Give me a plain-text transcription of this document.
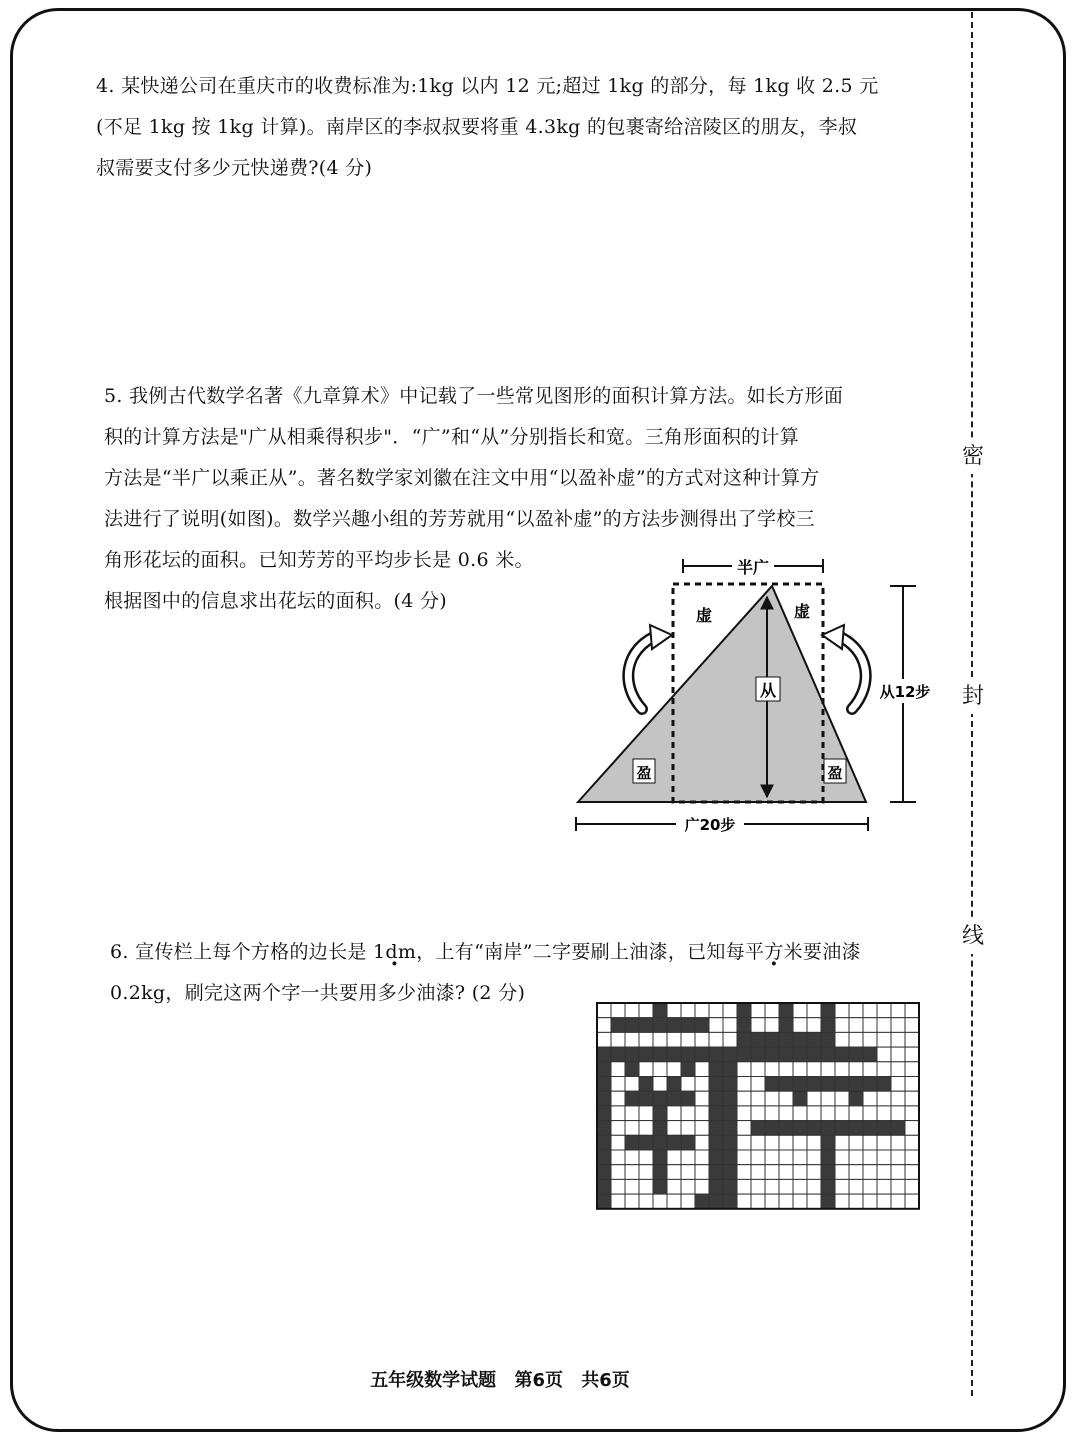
密
封
线

4. 某快递公司在重庆市的收费标准为:1kg 以内 12 元;超过 1kg 的部分，每 1kg 收 2.5 元

(不足 1kg 按 1kg 计算)。南岸区的李叔叔要将重 4.3kg 的包裹寄给涪陵区的朋友，李叔

叔需要支付多少元快递费?(4 分)

5. 我例古代数学名著《九章算术》中记载了一些常见图形的面积计算方法。如长方形面

积的计算方法是"广从相乘得积步"．“广”和“从”分别指长和宽。三角形面积的计算

方法是“半广以乘正从”。著名数学家刘徽在注文中用“以盈补虚”的方式对这种计算方

法进行了说明(如图)。数学兴趣小组的芳芳就用“以盈补虚”的方法步测得出了学校三

角形花坛的面积。已知芳芳的平均步长是 0.6 米。

根据图中的信息求出花坛的面积。(4 分)

半广
从
虚	虚
盈	盈
从12步
广20步

6. 宣传栏上每个方格的边长是 1dm ·，上有“南岸”二字要刷上油漆，已知每平方米要油漆

0.2kg，刷完这两个字一共要用多少油漆? (2 分)

五年级数学试题 第6页 共6页
